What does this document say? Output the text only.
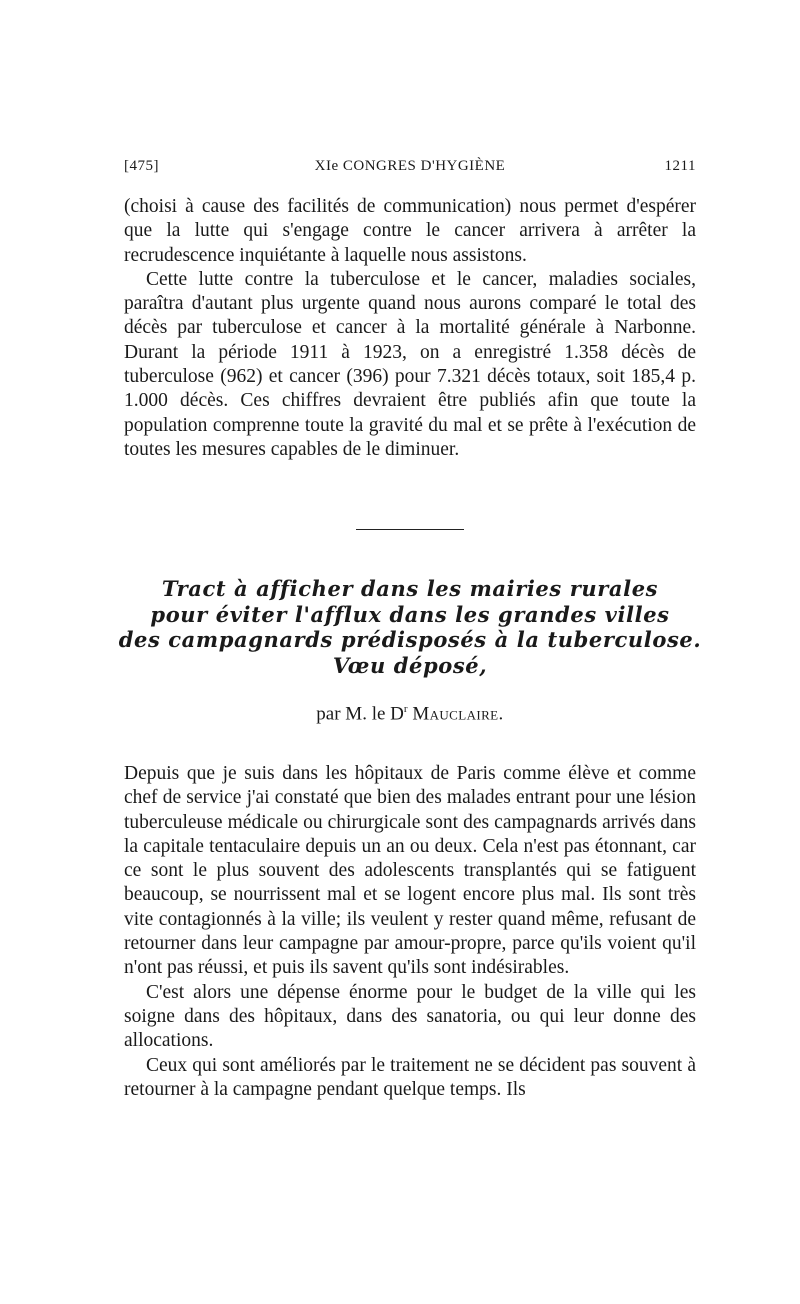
[475]	XIe CONGRES D'HYGIÈNE	1211

(choisi à cause des facilités de communication) nous permet d'espérer que la lutte qui s'engage contre le cancer arrivera à arrêter la recrudescence inquiétante à laquelle nous assistons.

Cette lutte contre la tuberculose et le cancer, maladies sociales, paraîtra d'autant plus urgente quand nous aurons comparé le total des décès par tuberculose et cancer à la mortalité générale à Narbonne. Durant la période 1911 à 1923, on a enregistré 1.358 décès de tuberculose (962) et cancer (396) pour 7.321 décès totaux, soit 185,4 p. 1.000 décès. Ces chiffres devraient être publiés afin que toute la population comprenne toute la gravité du mal et se prête à l'exécution de toutes les mesures capables de le diminuer.

Tract à afficher dans les mairies rurales
pour éviter l'afflux dans les grandes villes
des campagnards prédisposés à la tuberculose.
Vœu déposé,
par M. le $D^r$ Mauclaire.

Depuis que je suis dans les hôpitaux de Paris comme élève et comme chef de service j'ai constaté que bien des malades entrant pour une lésion tuberculeuse médicale ou chirurgicale sont des campagnards arrivés dans la capitale tentaculaire depuis un an ou deux. Cela n'est pas étonnant, car ce sont le plus souvent des adolescents transplantés qui se fatiguent beaucoup, se nourrissent mal et se logent encore plus mal. Ils sont très vite contagionnés à la ville; ils veulent y rester quand même, refusant de retourner dans leur campagne par amour-propre, parce qu'ils voient qu'il n'ont pas réussi, et puis ils savent qu'ils sont indésirables.

C'est alors une dépense énorme pour le budget de la ville qui les soigne dans des hôpitaux, dans des sanatoria, ou qui leur donne des allocations.

Ceux qui sont améliorés par le traitement ne se décident pas souvent à retourner à la campagne pendant quelque temps. Ils
